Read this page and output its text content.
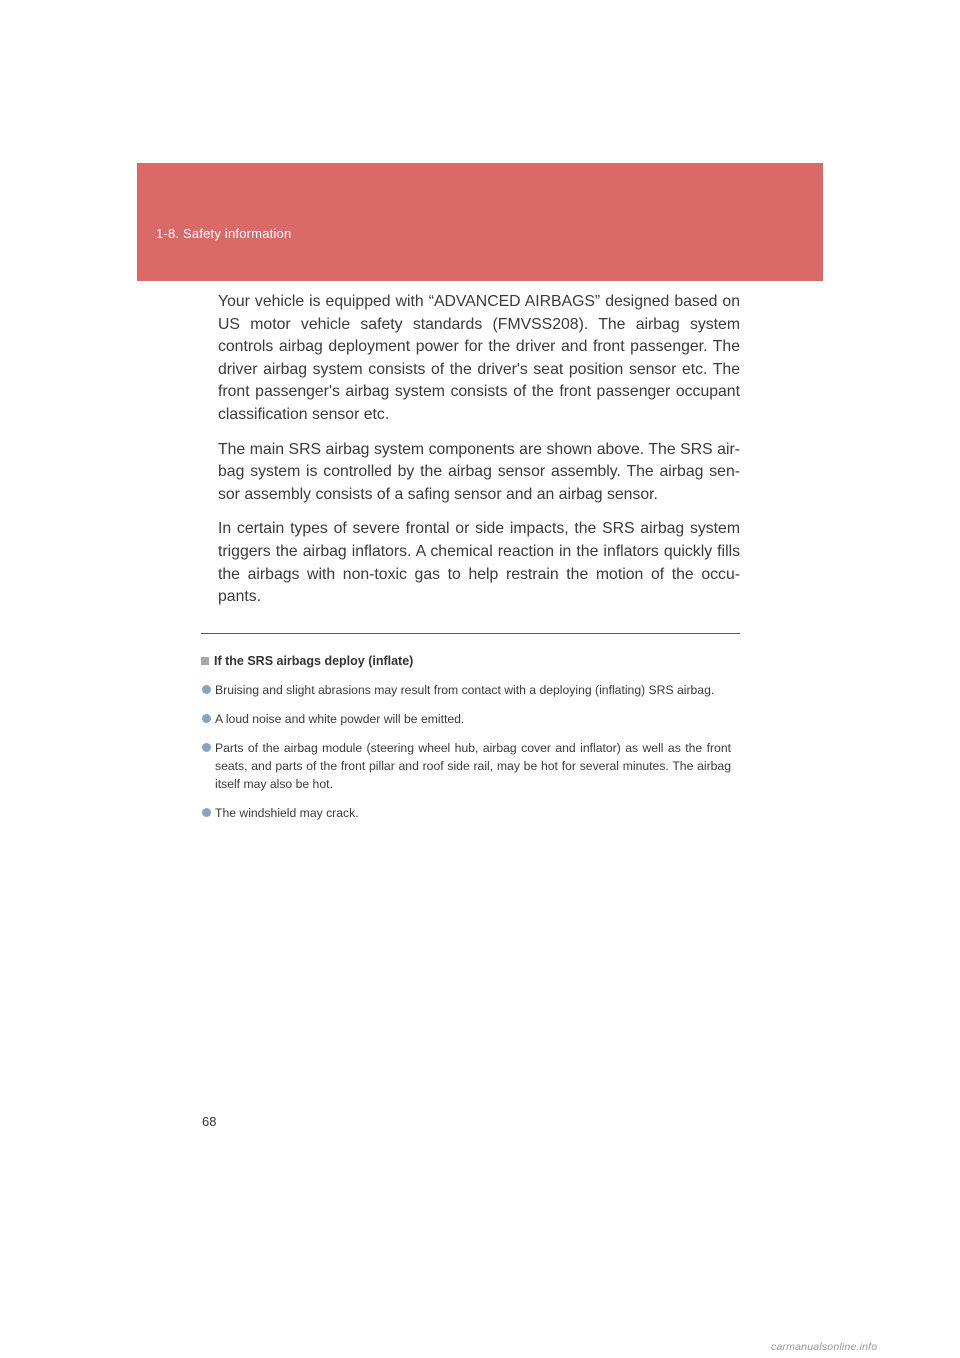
1-8. Safety information

Your vehicle is equipped with “ADVANCED AIRBAGS” designed based on US motor vehicle safety standards (FMVSS208). The airbag system controls airbag deployment power for the driver and front passenger. The driver airbag system consists of the driver's seat position sensor etc. The front passenger's airbag system consists of the front passenger occupant classification sensor etc.

The main SRS airbag system components are shown above. The SRS air-bag system is controlled by the airbag sensor assembly. The airbag sen-sor assembly consists of a safing sensor and an airbag sensor.

In certain types of severe frontal or side impacts, the SRS airbag system triggers the airbag inflators. A chemical reaction in the inflators quickly fills the airbags with non-toxic gas to help restrain the motion of the occu-pants.

If the SRS airbags deploy (inflate)
Bruising and slight abrasions may result from contact with a deploying (inflating) SRS airbag.
A loud noise and white powder will be emitted.
Parts of the airbag module (steering wheel hub, airbag cover and inflator) as well as the front seats, and parts of the front pillar and roof side rail, may be hot for several minutes. The airbag itself may also be hot.
The windshield may crack.
68
carmanualsonline.info
